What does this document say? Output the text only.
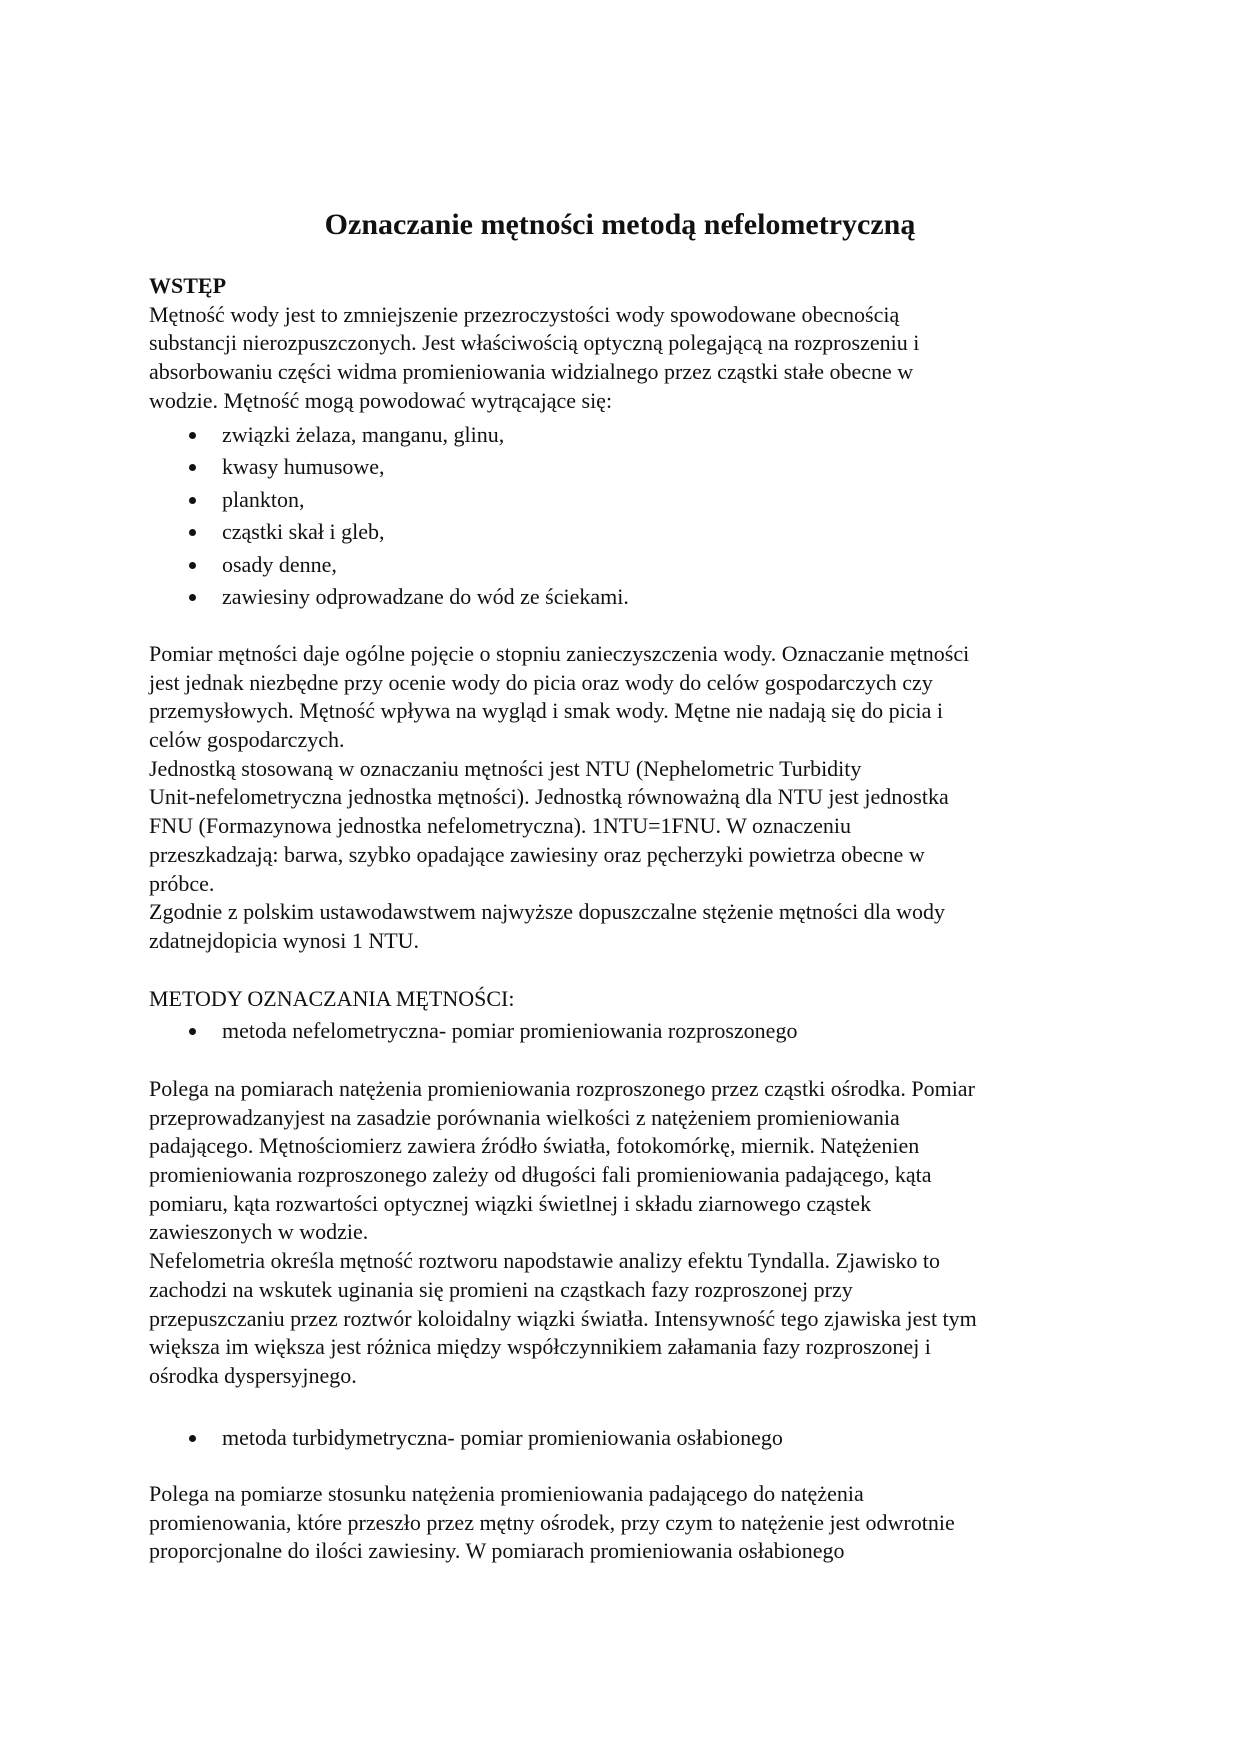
Oznaczanie mętności metodą nefelometryczną
WSTĘP
Mętność wody jest to zmniejszenie przezroczystości wody spowodowane obecnością
substancji nierozpuszczonych. Jest właściwością optyczną polegającą na rozproszeniu i
absorbowaniu części widma promieniowania widzialnego przez cząstki stałe obecne w
wodzie. Mętność mogą powodować wytrącające się:
związki żelaza, manganu, glinu,
kwasy humusowe,
plankton,
cząstki skał i gleb,
osady denne,
zawiesiny odprowadzane do wód ze ściekami.
Pomiar mętności daje ogólne pojęcie o stopniu zanieczyszczenia wody. Oznaczanie mętności
jest jednak niezbędne przy ocenie wody do picia oraz wody do celów gospodarczych czy
przemysłowych. Mętność wpływa na wygląd i smak wody. Mętne nie nadają się do picia i
celów gospodarczych.
Jednostką stosowaną w oznaczaniu mętności jest NTU (Nephelometric Turbidity
Unit-nefelometryczna jednostka mętności). Jednostką równoważną dla NTU jest jednostka
FNU (Formazynowa jednostka nefelometryczna). 1NTU=1FNU. W oznaczeniu
przeszkadzają: barwa, szybko opadające zawiesiny oraz pęcherzyki powietrza obecne w
próbce.
Zgodnie z polskim ustawodawstwem najwyższe dopuszczalne stężenie mętności dla wody
zdatnejdopicia wynosi 1 NTU.
METODY OZNACZANIA MĘTNOŚCI:
metoda nefelometryczna- pomiar promieniowania rozproszonego
Polega na pomiarach natężenia promieniowania rozproszonego przez cząstki ośrodka. Pomiar
przeprowadzanyjest na zasadzie porównania wielkości z natężeniem promieniowania
padającego. Mętnościomierz zawiera źródło światła, fotokomórkę, miernik. Natężenien
promieniowania rozproszonego zależy od długości fali promieniowania padającego, kąta
pomiaru, kąta rozwartości optycznej wiązki świetlnej i składu ziarnowego cząstek
zawieszonych w wodzie.
Nefelometria określa mętność roztworu napodstawie analizy efektu Tyndalla. Zjawisko to
zachodzi na wskutek uginania się promieni na cząstkach fazy rozproszonej przy
przepuszczaniu przez roztwór koloidalny wiązki światła. Intensywność tego zjawiska jest tym
większa im większa jest różnica między współczynnikiem załamania fazy rozproszonej i
ośrodka dyspersyjnego.
metoda turbidymetryczna- pomiar promieniowania osłabionego
Polega na pomiarze stosunku natężenia promieniowania padającego do natężenia
promienowania, które przeszło przez mętny ośrodek, przy czym to natężenie jest odwrotnie
proporcjonalne do ilości zawiesiny. W pomiarach promieniowania osłabionego
